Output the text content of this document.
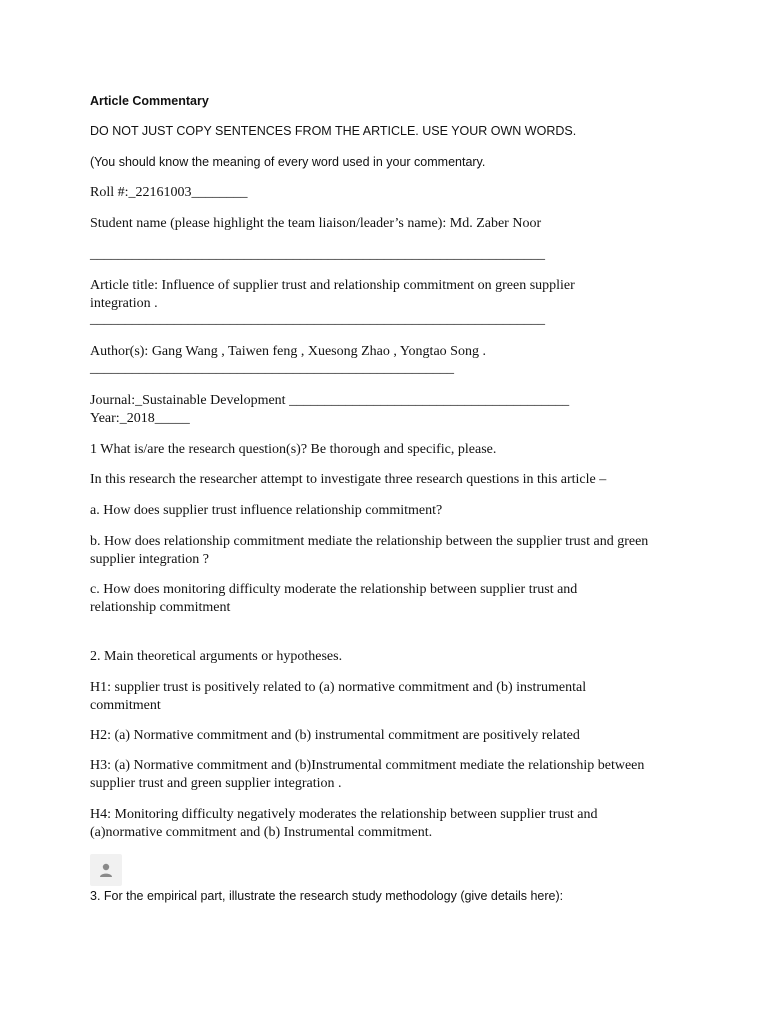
Article Commentary

DO NOT JUST COPY SENTENCES FROM THE ARTICLE. USE YOUR OWN WORDS.

(You should know the meaning of every word used in your commentary.

Roll #:_22161003________

Student name (please highlight the team liaison/leader’s name): Md. Zaber Noor

_________________________________________________________________

Article title: Influence of supplier trust and relationship commitment on green supplier integration .

_________________________________________________________________

Author(s): Gang Wang , Taiwen feng , Xuesong Zhao , Yongtao Song .

____________________________________________________

Journal:_Sustainable Development ________________________________________

Year:_2018_____

1 What is/are the research question(s)? Be thorough and specific, please.

In this research the researcher attempt to investigate three research questions in this article –

a. How does supplier trust influence relationship commitment?

b. How does relationship commitment mediate the relationship between the supplier trust and green supplier integration ?

c. How does monitoring difficulty moderate the relationship between supplier trust and relationship commitment

2. Main theoretical arguments or hypotheses.

H1: supplier trust is positively related to (a) normative commitment and (b) instrumental commitment

H2: (a) Normative commitment and (b) instrumental commitment are positively related

H3: (a) Normative commitment and (b)Instrumental commitment mediate the relationship between supplier trust and green supplier integration .

H4: Monitoring difficulty negatively moderates the relationship between supplier trust and (a)normative commitment and (b) Instrumental commitment.

3. For the empirical part, illustrate the research study methodology (give details here):
